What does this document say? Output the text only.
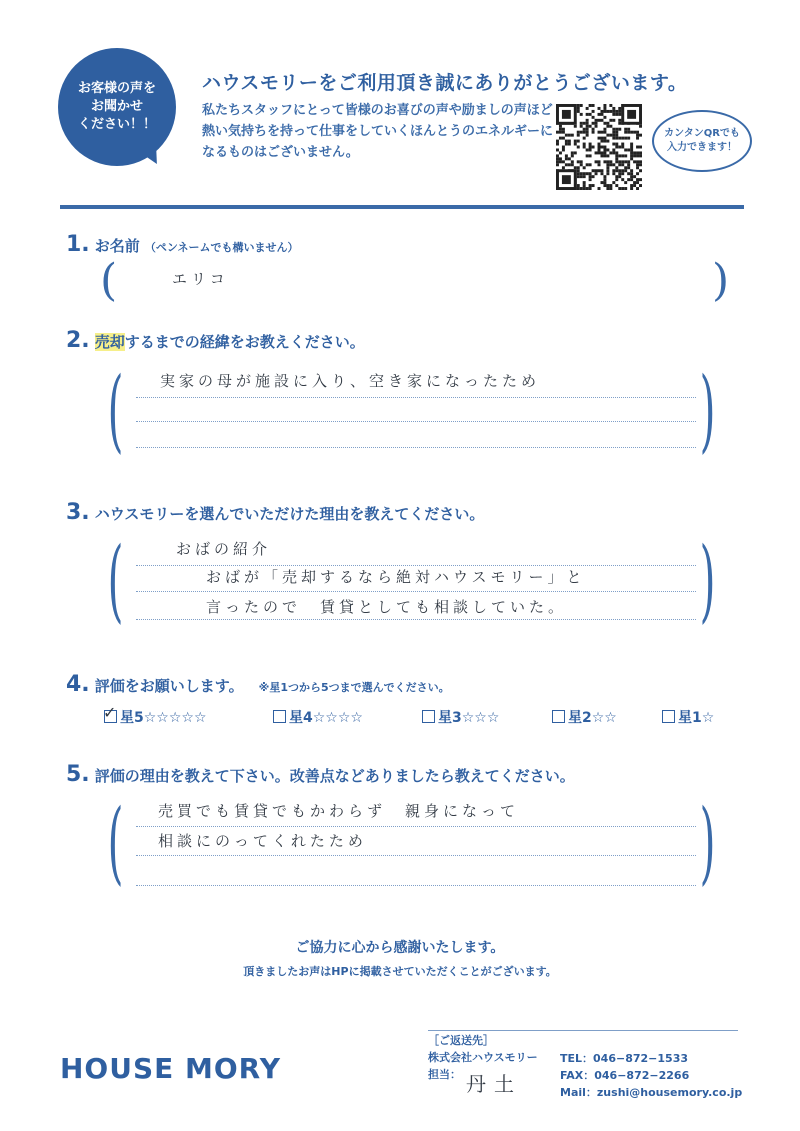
お客様の声を
お聞かせ
ください！！
ハウスモリーをご利用頂き誠にありがとうございます。
私たちスタッフにとって皆様のお喜びの声や励ましの声ほど
熱い気持ちを持って仕事をしていくほんとうのエネルギーに
なるものはございません。
カンタンQRでも
入力できます！
1. お名前 （ペンネームでも構いません）
(	)
エリコ
2. 売却するまでの経緯をお教えください。
(	)
実家の母が施設に入り、空き家になったため
3. ハウスモリーを選んでいただけた理由を教えてください。
(	)
おばの紹介
おばが「売却するなら絶対ハウスモリー」と
言ったので　賃貸としても相談していた。
4. 評価をお願いします。 ※星1つから5つまで選んでください。
✓ 星5☆☆☆☆☆	星4☆☆☆☆	星3☆☆☆	星2☆☆	星1☆
5. 評価の理由を教えて下さい。改善点などありましたら教えてください。
(	)
売買でも賃貸でもかわらず　親身になって
相談にのってくれたため
ご協力に心から感謝いたします。
頂きましたお声はHPに掲載させていただくことがございます。
HOUSE MORY
［ご返送先］
株式会社ハウスモリー
担当： 丹土
TEL：046−872−1533
FAX：046−872−2266
Mail：zushi@housemory.co.jp
